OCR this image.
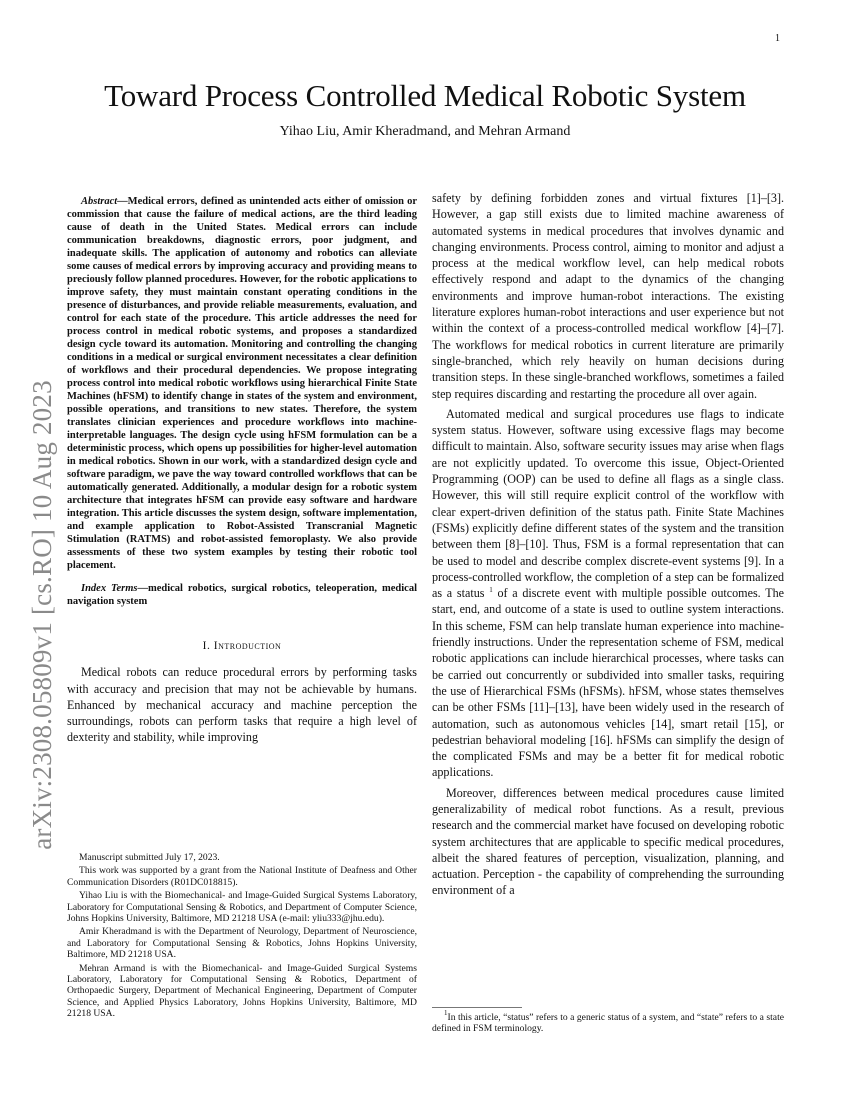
1
arXiv:2308.05809v1 [cs.RO] 10 Aug 2023
Toward Process Controlled Medical Robotic System
Yihao Liu, Amir Kheradmand, and Mehran Armand

Abstract—Medical errors, defined as unintended acts either of omission or commission that cause the failure of medical actions, are the third leading cause of death in the United States. Medical errors can include communication breakdowns, diagnostic errors, poor judgment, and inadequate skills. The application of autonomy and robotics can alleviate some causes of medical errors by improving accuracy and providing means to preciously follow planned procedures. However, for the robotic applications to improve safety, they must maintain constant operating conditions in the presence of disturbances, and provide reliable measurements, evaluation, and control for each state of the procedure. This article addresses the need for process control in medical robotic systems, and proposes a standardized design cycle toward its automation. Monitoring and controlling the changing conditions in a medical or surgical environment necessitates a clear definition of workflows and their procedural dependencies. We propose integrating process control into medical robotic workflows using hierarchical Finite State Machines (hFSM) to identify change in states of the system and environment, possible operations, and transitions to new states. Therefore, the system translates clinician experiences and procedure workflows into machine-interpretable languages. The design cycle using hFSM formulation can be a deterministic process, which opens up possibilities for higher-level automation in medical robotics. Shown in our work, with a standardized design cycle and software paradigm, we pave the way toward controlled workflows that can be automatically generated. Additionally, a modular design for a robotic system architecture that integrates hFSM can provide easy software and hardware integration. This article discusses the system design, software implementation, and example application to Robot-Assisted Transcranial Magnetic Stimulation (RATMS) and robot-assisted femoroplasty. We also provide assessments of these two system examples by testing their robotic tool placement.

Index Terms—medical robotics, surgical robotics, teleoperation, medical navigation system

I. Introduction

Medical robots can reduce procedural errors by performing tasks with accuracy and precision that may not be achievable by humans. Enhanced by mechanical accuracy and machine perception the surroundings, robots can perform tasks that require a high level of dexterity and stability, while improving

Manuscript submitted July 17, 2023.

This work was supported by a grant from the National Institute of Deafness and Other Communication Disorders (R01DC018815).

Yihao Liu is with the Biomechanical- and Image-Guided Surgical Systems Laboratory, Laboratory for Computational Sensing & Robotics, and Department of Computer Science, Johns Hopkins University, Baltimore, MD 21218 USA (e-mail: yliu333@jhu.edu).

Amir Kheradmand is with the Department of Neurology, Department of Neuroscience, and Laboratory for Computational Sensing & Robotics, Johns Hopkins University, Baltimore, MD 21218 USA.

Mehran Armand is with the Biomechanical- and Image-Guided Surgical Systems Laboratory, Laboratory for Computational Sensing & Robotics, Department of Orthopaedic Surgery, Department of Mechanical Engineering, Department of Computer Science, and Applied Physics Laboratory, Johns Hopkins University, Baltimore, MD 21218 USA.

safety by defining forbidden zones and virtual fixtures [1]–[3]. However, a gap still exists due to limited machine awareness of automated systems in medical procedures that involves dynamic and changing environments. Process control, aiming to monitor and adjust a process at the medical workflow level, can help medical robots effectively respond and adapt to the dynamics of the changing environments and improve human-robot interactions. The existing literature explores human-robot interactions and user experience but not within the context of a process-controlled medical workflow [4]–[7]. The workflows for medical robotics in current literature are primarily single-branched, which rely heavily on human decisions during transition steps. In these single-branched workflows, sometimes a failed step requires discarding and restarting the procedure all over again.

Automated medical and surgical procedures use flags to indicate system status. However, software using excessive flags may become difficult to maintain. Also, software security issues may arise when flags are not explicitly updated. To overcome this issue, Object-Oriented Programming (OOP) can be used to define all flags as a single class. However, this will still require explicit control of the workflow with clear expert-driven definition of the status path. Finite State Machines (FSMs) explicitly define different states of the system and the transition between them [8]–[10]. Thus, FSM is a formal representation that can be used to model and describe complex discrete-event systems [9]. In a process-controlled workflow, the completion of a step can be formalized as a status $^1$ of a discrete event with multiple possible outcomes. The start, end, and outcome of a state is used to outline system interactions. In this scheme, FSM can help translate human experience into machine-friendly instructions. Under the representation scheme of FSM, medical robotic applications can include hierarchical processes, where tasks can be carried out concurrently or subdivided into smaller tasks, requiring the use of Hierarchical FSMs (hFSMs). hFSM, whose states themselves can be other FSMs [11]–[13], have been widely used in the research of automation, such as autonomous vehicles [14], smart retail [15], or pedestrian behavioral modeling [16]. hFSMs can simplify the design of the complicated FSMs and may be a better fit for medical robotic applications.

Moreover, differences between medical procedures cause limited generalizability of medical robot functions. As a result, previous research and the commercial market have focused on developing robotic system architectures that are applicable to specific medical procedures, albeit the shared features of perception, visualization, planning, and actuation. Perception - the capability of comprehending the surrounding environment of a

$^1$In this article, “status” refers to a generic status of a system, and “state” refers to a state defined in FSM terminology.
